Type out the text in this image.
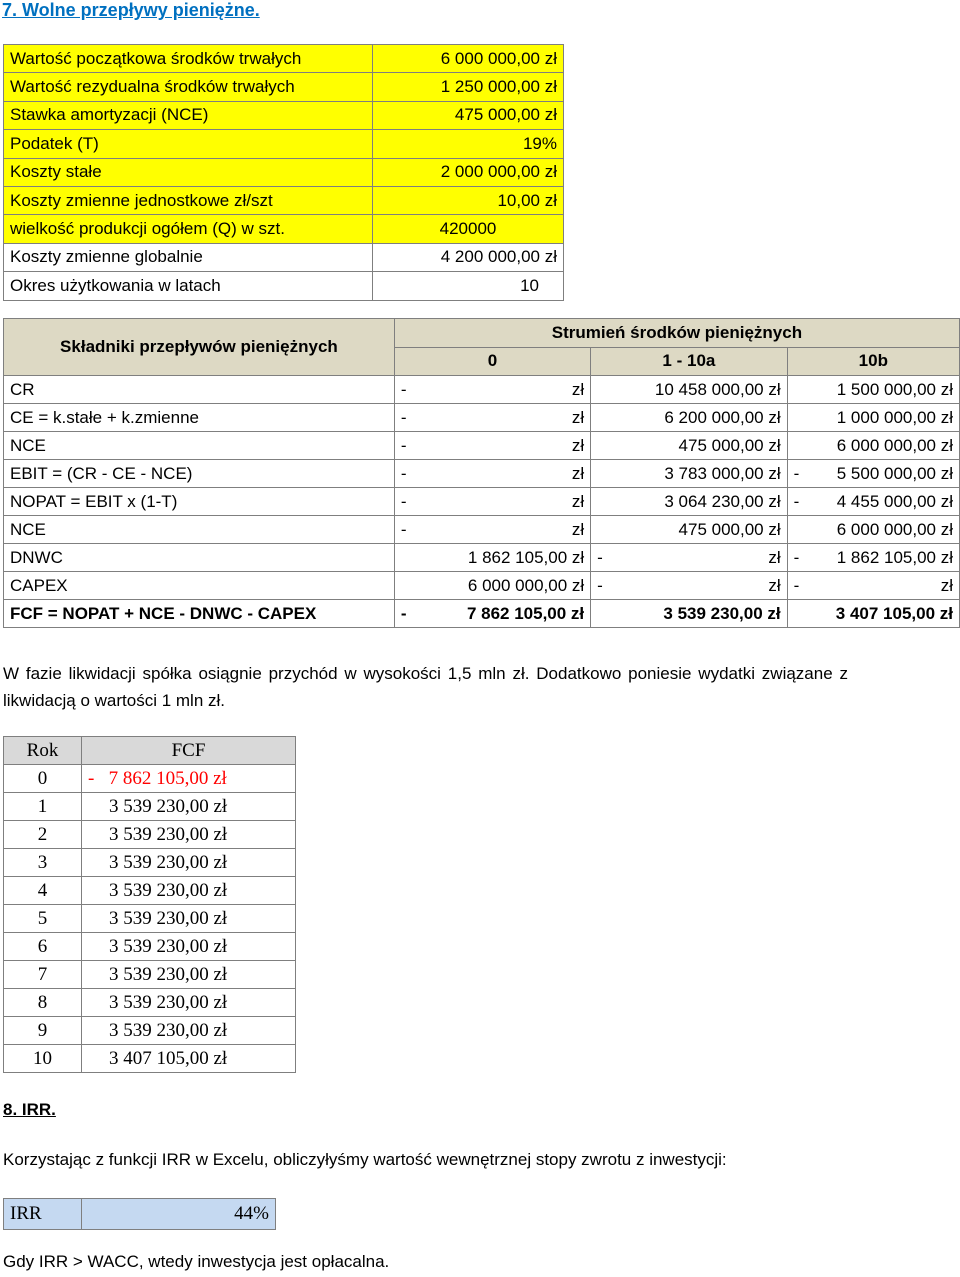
7. Wolne przepływy pieniężne.
Wartość początkowa środków trwałych	6 000 000,00 zł
Wartość rezydualna środków trwałych	1 250 000,00 zł
Stawka amortyzacji (NCE)	475 000,00 zł
Podatek (T)	19%
Koszty stałe	2 000 000,00 zł
Koszty zmienne jednostkowe zł/szt	10,00 zł
wielkość produkcji ogółem (Q) w szt.	420000
Koszty zmienne globalnie	4 200 000,00 zł
Okres użytkowania w latach	10
Składniki przepływów pieniężnych	Strumień środków pieniężnych		
	0	1 - 10a	10b
CR	- zł	10 458 000,00 zł	1 500 000,00 zł

CE = k.stałe + k.zmienne	- zł	6 200 000,00 zł	1 000 000,00 zł

NCE	- zł	475 000,00 zł	6 000 000,00 zł

EBIT = (CR - CE - NCE)	- zł	3 783 000,00 zł	- 5 500 000,00 zł

NOPAT = EBIT x (1-T)	- zł	3 064 230,00 zł	- 4 455 000,00 zł

NCE	- zł	475 000,00 zł	6 000 000,00 zł

DNWC	1 862 105,00 zł	- zł	- 1 862 105,00 zł

CAPEX	6 000 000,00 zł	- zł	- zł

FCF = NOPAT + NCE - DNWC - CAPEX	- 7 862 105,00 zł	3 539 230,00 zł	3 407 105,00 zł
W fazie likwidacji spółka osiągnie przychód w wysokości 1,5 mln zł. Dodatkowo poniesie wydatki związane z likwidacją o wartości 1 mln zł.
Rok	FCF
0	-   7 862 105,00 zł
1	3 539 230,00 zł
2	3 539 230,00 zł
3	3 539 230,00 zł
4	3 539 230,00 zł
5	3 539 230,00 zł
6	3 539 230,00 zł
7	3 539 230,00 zł
8	3 539 230,00 zł
9	3 539 230,00 zł
10	3 407 105,00 zł
8. IRR.
Korzystając z funkcji IRR w Excelu, obliczyłyśmy wartość wewnętrznej stopy zwrotu z inwestycji:
IRR	44%
Gdy IRR > WACC, wtedy inwestycja jest opłacalna.
